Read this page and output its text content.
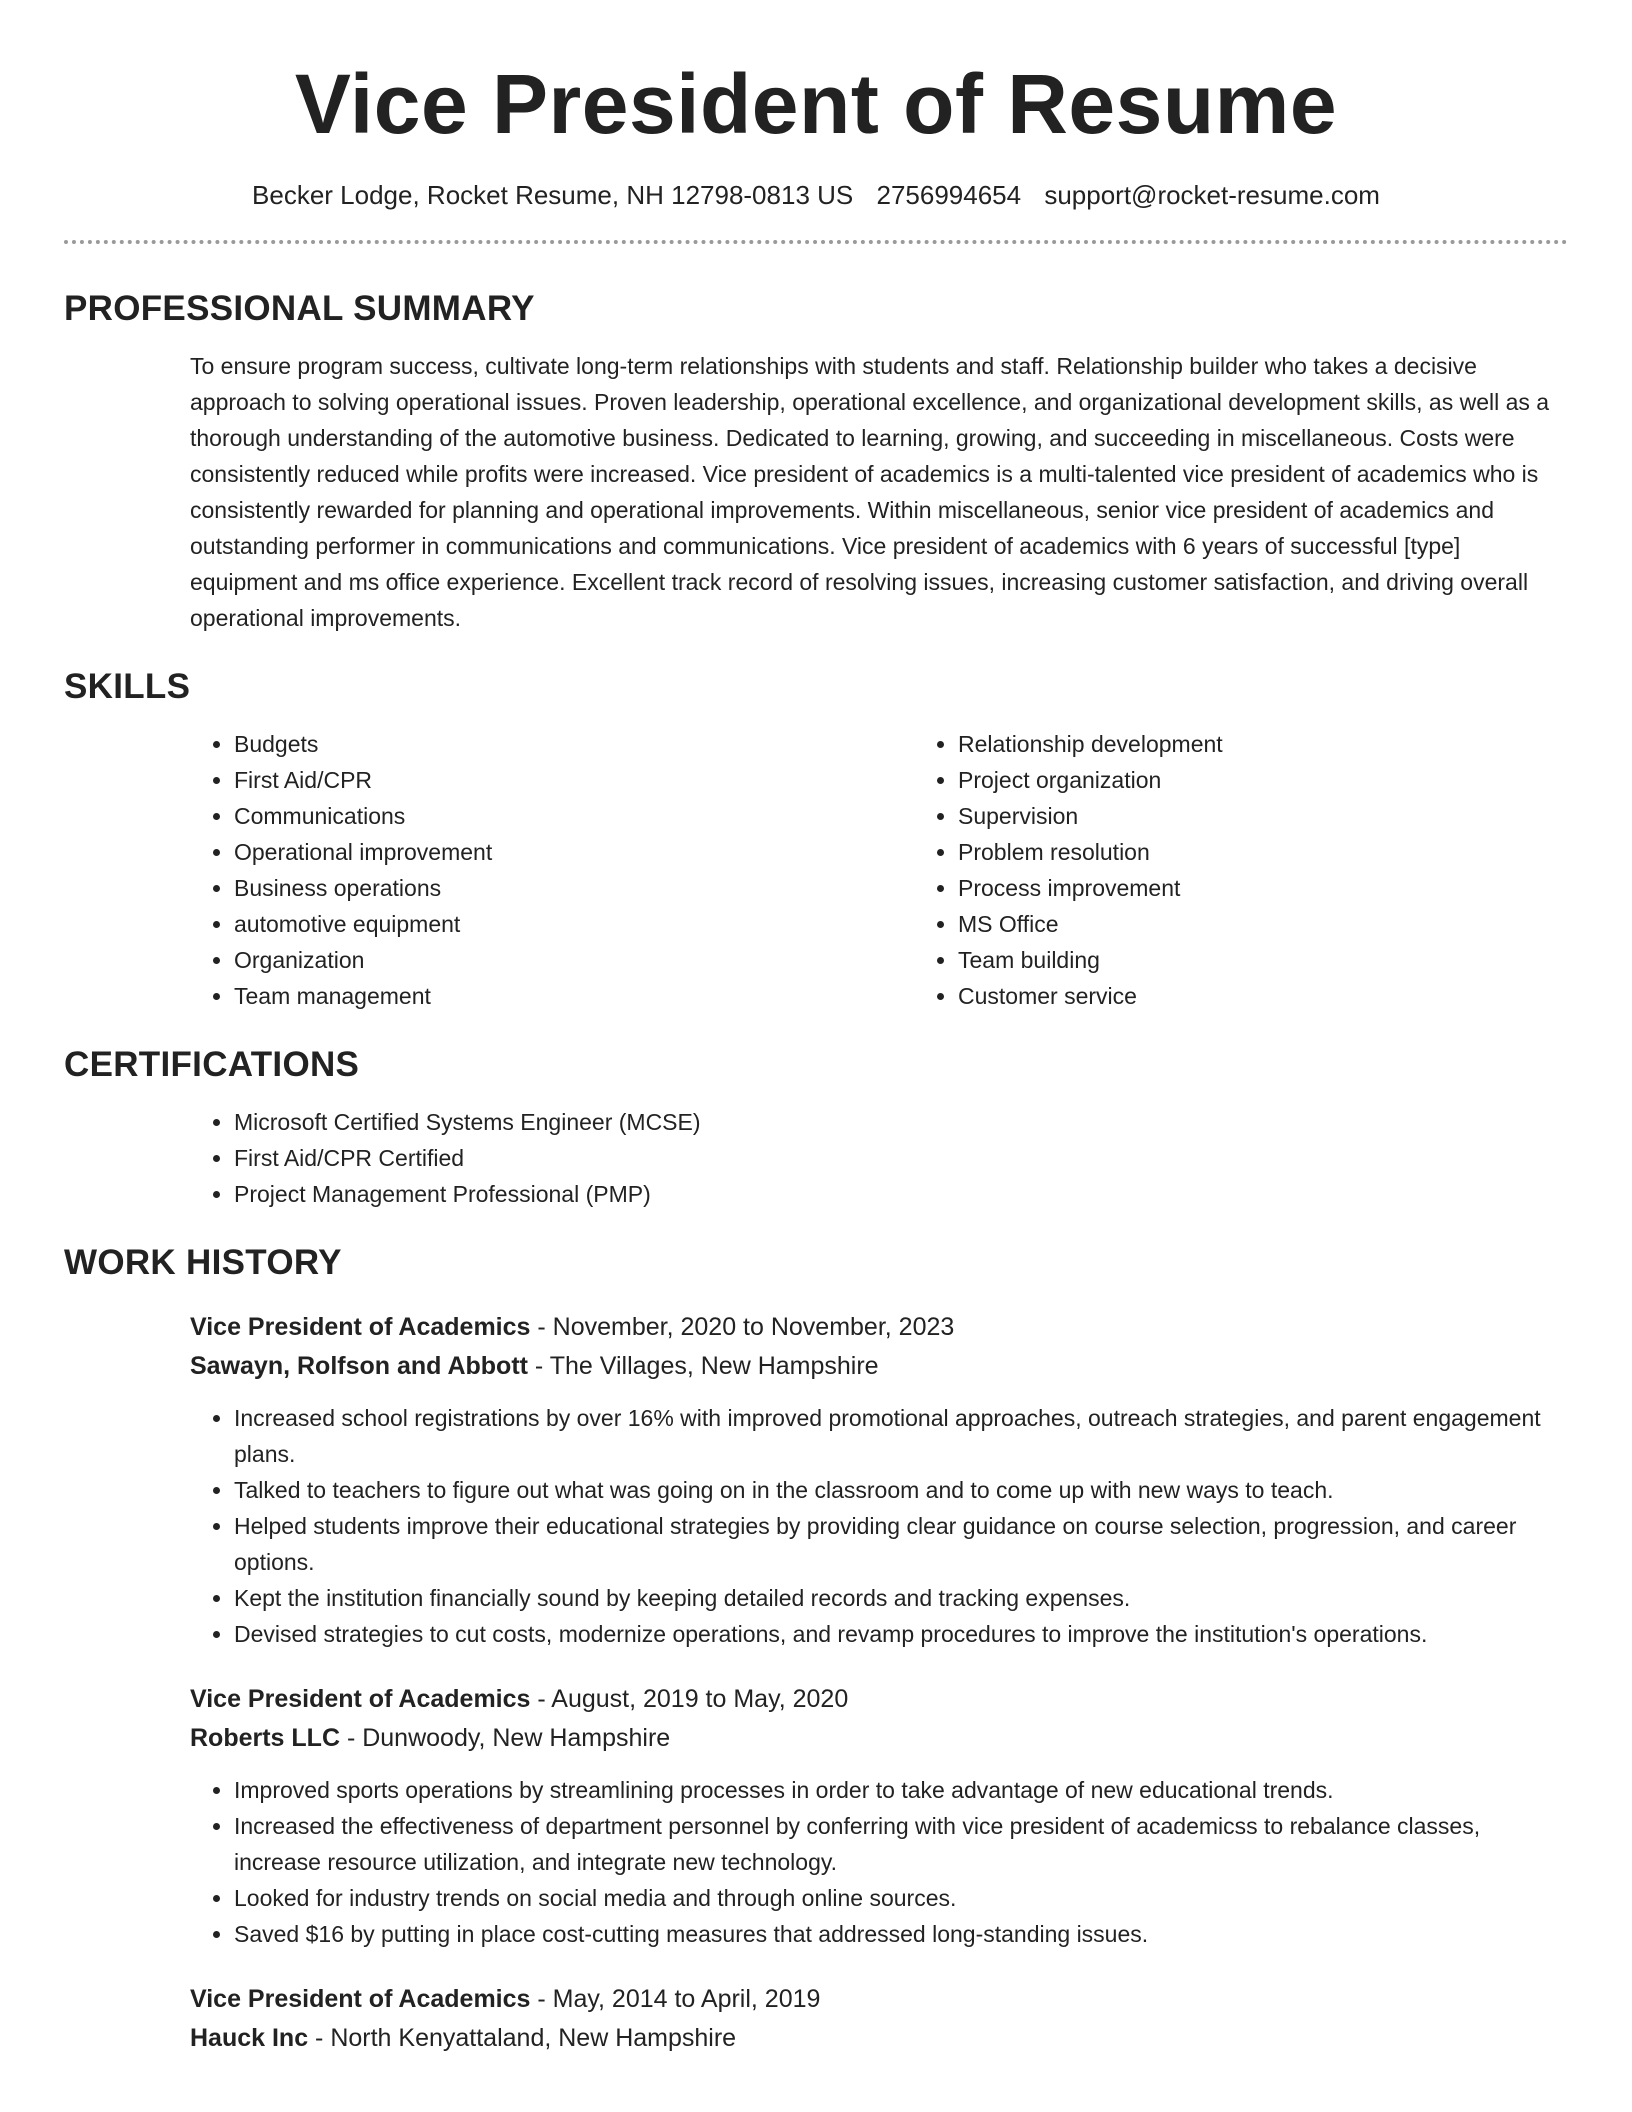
Vice President of Resume
Becker Lodge, Rocket Resume, NH 12798-0813 US 2756994654 support@rocket-resume.com
PROFESSIONAL SUMMARY

To ensure program success, cultivate long-term relationships with students and staff. Relationship builder who takes a decisive approach to solving operational issues. Proven leadership, operational excellence, and organizational development skills, as well as a thorough understanding of the automotive business. Dedicated to learning, growing, and succeeding in miscellaneous. Costs were consistently reduced while profits were increased. Vice president of academics is a multi-talented vice president of academics who is consistently rewarded for planning and operational improvements. Within miscellaneous, senior vice president of academics and outstanding performer in communications and communications. Vice president of academics with 6 years of successful [type] equipment and ms office experience. Excellent track record of resolving issues, increasing customer satisfaction, and driving overall operational improvements.

SKILLS
• Budgets
• First Aid/CPR
• Communications
• Operational improvement
• Business operations
• automotive equipment
• Organization
• Team management
• Relationship development
• Project organization
• Supervision
• Problem resolution
• Process improvement
• MS Office
• Team building
• Customer service
CERTIFICATIONS
• Microsoft Certified Systems Engineer (MCSE)
• First Aid/CPR Certified
• Project Management Professional (PMP)
WORK HISTORY
Vice President of Academics - November, 2020 to November, 2023
Sawayn, Rolfson and Abbott - The Villages, New Hampshire
• Increased school registrations by over 16% with improved promotional approaches, outreach strategies, and parent engagement plans.
• Talked to teachers to figure out what was going on in the classroom and to come up with new ways to teach.
• Helped students improve their educational strategies by providing clear guidance on course selection, progression, and career options.
• Kept the institution financially sound by keeping detailed records and tracking expenses.
• Devised strategies to cut costs, modernize operations, and revamp procedures to improve the institution's operations.
Vice President of Academics - August, 2019 to May, 2020
Roberts LLC - Dunwoody, New Hampshire
• Improved sports operations by streamlining processes in order to take advantage of new educational trends.
• Increased the effectiveness of department personnel by conferring with vice president of academicss to rebalance classes, increase resource utilization, and integrate new technology.
• Looked for industry trends on social media and through online sources.
• Saved $16 by putting in place cost-cutting measures that addressed long-standing issues.
Vice President of Academics - May, 2014 to April, 2019
Hauck Inc - North Kenyattaland, New Hampshire
